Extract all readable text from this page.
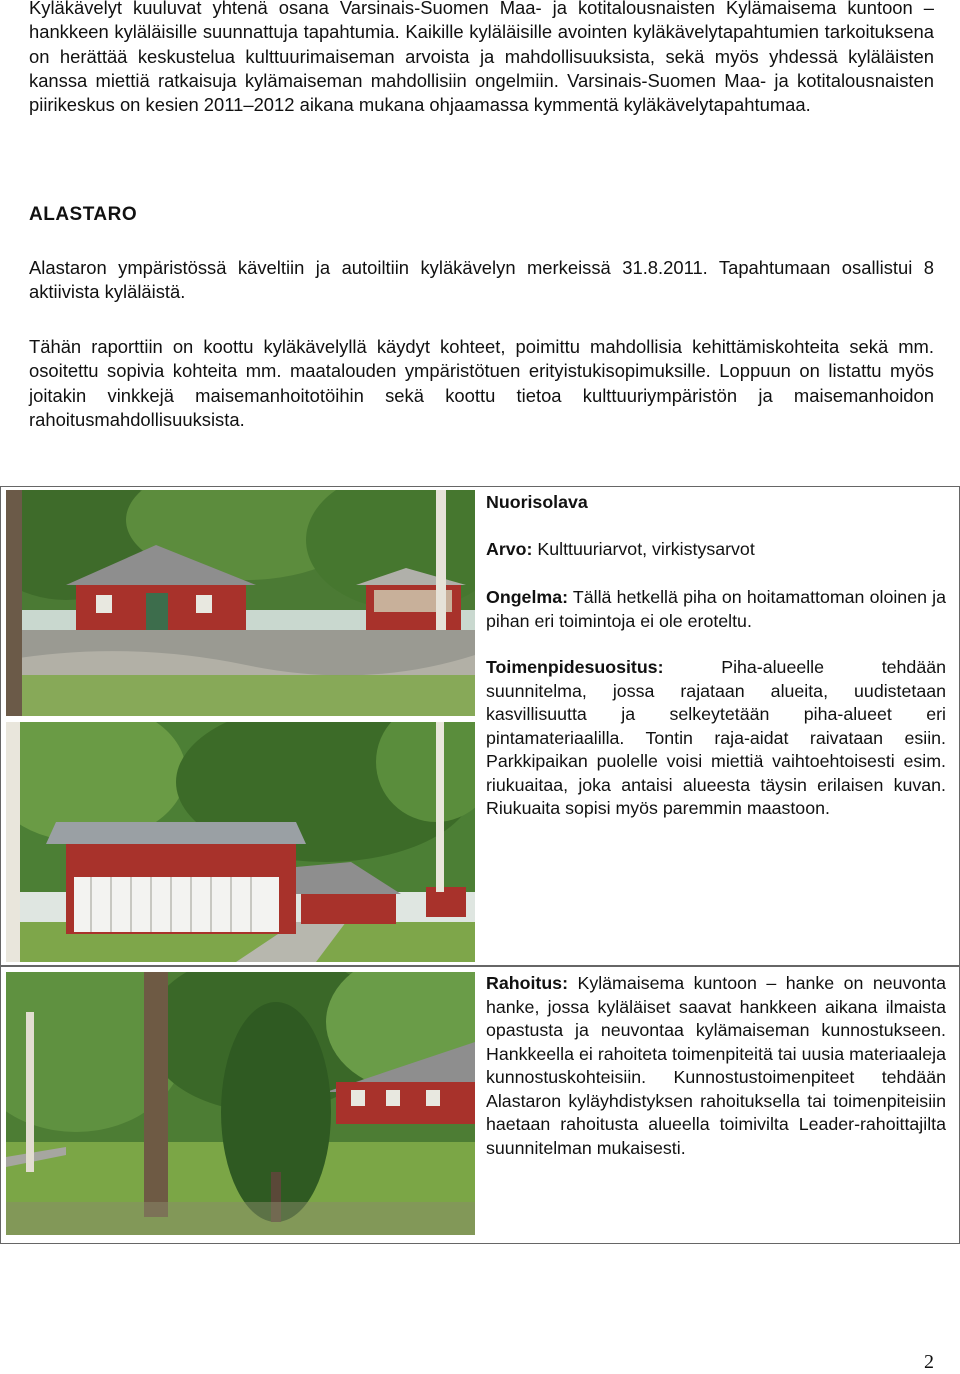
Kyläkävelyt kuuluvat yhtenä osana Varsinais-Suomen Maa- ja kotitalousnaisten Kylämaisema kuntoon – hankkeen kyläläisille suunnattuja tapahtumia. Kaikille kyläläisille avointen kyläkävelytapahtumien tarkoituksena on herättää keskustelua kulttuurimaiseman arvoista ja mahdollisuuksista, sekä myös yhdessä kyläläisten kanssa miettiä ratkaisuja kylämaiseman mahdollisiin ongelmiin. Varsinais-Suomen Maa- ja kotitalousnaisten piirikeskus on kesien 2011–2012 aikana mukana ohjaamassa kymmentä kyläkävelytapahtumaa.

ALASTARO

Alastaron ympäristössä käveltiin ja autoiltiin kyläkävelyn merkeissä 31.8.2011. Tapahtumaan osallistui 8 aktiivista kyläläistä.

Tähän raporttiin on koottu kyläkävelyllä käydyt kohteet, poimittu mahdollisia kehittämiskohteita sekä mm. osoitettu sopivia kohteita mm. maatalouden ympäristötuen erityistukisopimuksille. Loppuun on listattu myös joitakin vinkkejä maisemanhoitotöihin sekä koottu tietoa kulttuuriympäristön ja maisemanhoidon rahoitusmahdollisuuksista.

Nuorisolava

Arvo: Kulttuuriarvot, virkistysarvot

Ongelma: Tällä hetkellä piha on hoitamattoman oloinen ja pihan eri toimintoja ei ole eroteltu.

Toimenpidesuositus: Piha-alueelle tehdään suunnitelma, jossa rajataan alueita, uudistetaan kasvillisuutta ja selkeytetään piha-alueet eri pintamateriaalilla. Tontin raja-aidat raivataan esiin. Parkkipaikan puolelle voisi miettiä vaihtoehtoisesti esim. riukuaitaa, joka antaisi alueesta täysin erilaisen kuvan. Riukuaita sopisi myös paremmin maastoon.

Rahoitus: Kylämaisema kuntoon – hanke on neuvonta hanke, jossa kyläläiset saavat hankkeen aikana ilmaista opastusta ja neuvontaa kylämaiseman kunnostukseen. Hankkeella ei rahoiteta toimenpiteitä tai uusia materiaaleja kunnostuskohteisiin. Kunnostustoimenpiteet tehdään Alastaron kyläyhdistyksen rahoituksella tai toimenpiteisiin haetaan rahoitusta alueella toimivilta Leader-rahoittajilta suunnitelman mukaisesti.

2
